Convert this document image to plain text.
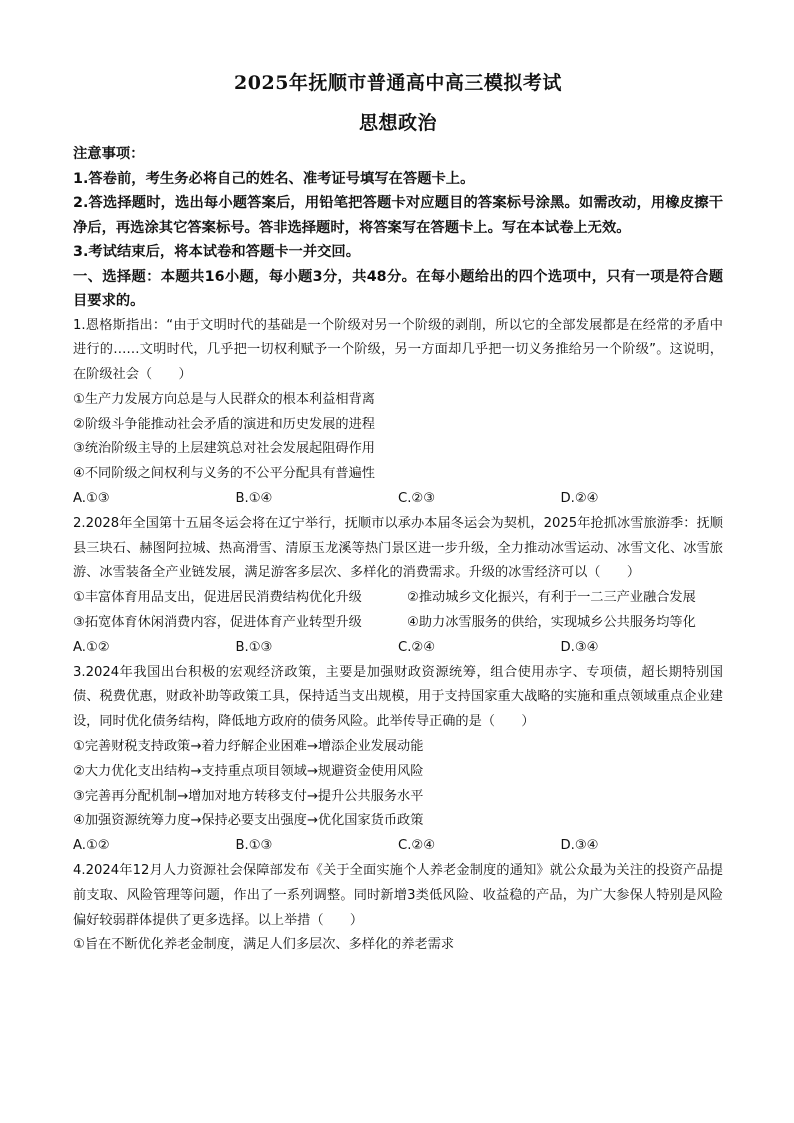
2025年抚顺市普通高中高三模拟考试
思想政治
注意事项：
1.答卷前，考生务必将自己的姓名、准考证号填写在答题卡上。
2.答选择题时，选出每小题答案后，用铅笔把答题卡对应题目的答案标号涂黑。如需改动，用橡皮擦干净后，再选涂其它答案标号。答非选择题时，将答案写在答题卡上。写在本试卷上无效。
3.考试结束后，将本试卷和答题卡一并交回。
一、选择题：本题共16小题，每小题3分，共48分。在每小题给出的四个选项中，只有一项是符合题目要求的。
1.恩格斯指出：“由于文明时代的基础是一个阶级对另一个阶级的剥削，所以它的全部发展都是在经常的矛盾中进行的……文明时代，几乎把一切权利赋予一个阶级，另一方面却几乎把一切义务推给另一个阶级”。这说明，在阶级社会（　　）
①生产力发展方向总是与人民群众的根本利益相背离
②阶级斗争能推动社会矛盾的演进和历史发展的进程
③统治阶级主导的上层建筑总对社会发展起阻碍作用
④不同阶级之间权利与义务的不公平分配具有普遍性
A.①③	B.①④	C.②③	D.②④
2.2028年全国第十五届冬运会将在辽宁举行，抚顺市以承办本届冬运会为契机，2025年抢抓冰雪旅游季：抚顺县三块石、赫图阿拉城、热高滑雪、清原玉龙溪等热门景区进一步升级，全力推动冰雪运动、冰雪文化、冰雪旅游、冰雪装备全产业链发展，满足游客多层次、多样化的消费需求。升级的冰雪经济可以（　　）
①丰富体育用品支出，促进居民消费结构优化升级	②推动城乡文化振兴，有利于一二三产业融合发展
③拓宽体育休闲消费内容，促进体育产业转型升级	④助力冰雪服务的供给，实现城乡公共服务均等化
A.①②	B.①③	C.②④	D.③④
3.2024年我国出台积极的宏观经济政策，主要是加强财政资源统筹，组合使用赤字、专项债，超长期特别国债、税费优惠，财政补助等政策工具，保持适当支出规模，用于支持国家重大战略的实施和重点领域重点企业建设，同时优化债务结构，降低地方政府的债务风险。此举传导正确的是（　　）
①完善财税支持政策→着力纾解企业困难→增添企业发展动能
②大力优化支出结构→支持重点项目领域→规避资金使用风险
③完善再分配机制→增加对地方转移支付→提升公共服务水平
④加强资源统筹力度→保持必要支出强度→优化国家货币政策
A.①②	B.①③	C.②④	D.③④
4.2024年12月人力资源社会保障部发布《关于全面实施个人养老金制度的通知》就公众最为关注的投资产品提前支取、风险管理等问题，作出了一系列调整。同时新增3类低风险、收益稳的产品，为广大参保人特别是风险偏好较弱群体提供了更多选择。以上举措（　　）
①旨在不断优化养老金制度，满足人们多层次、多样化的养老需求
